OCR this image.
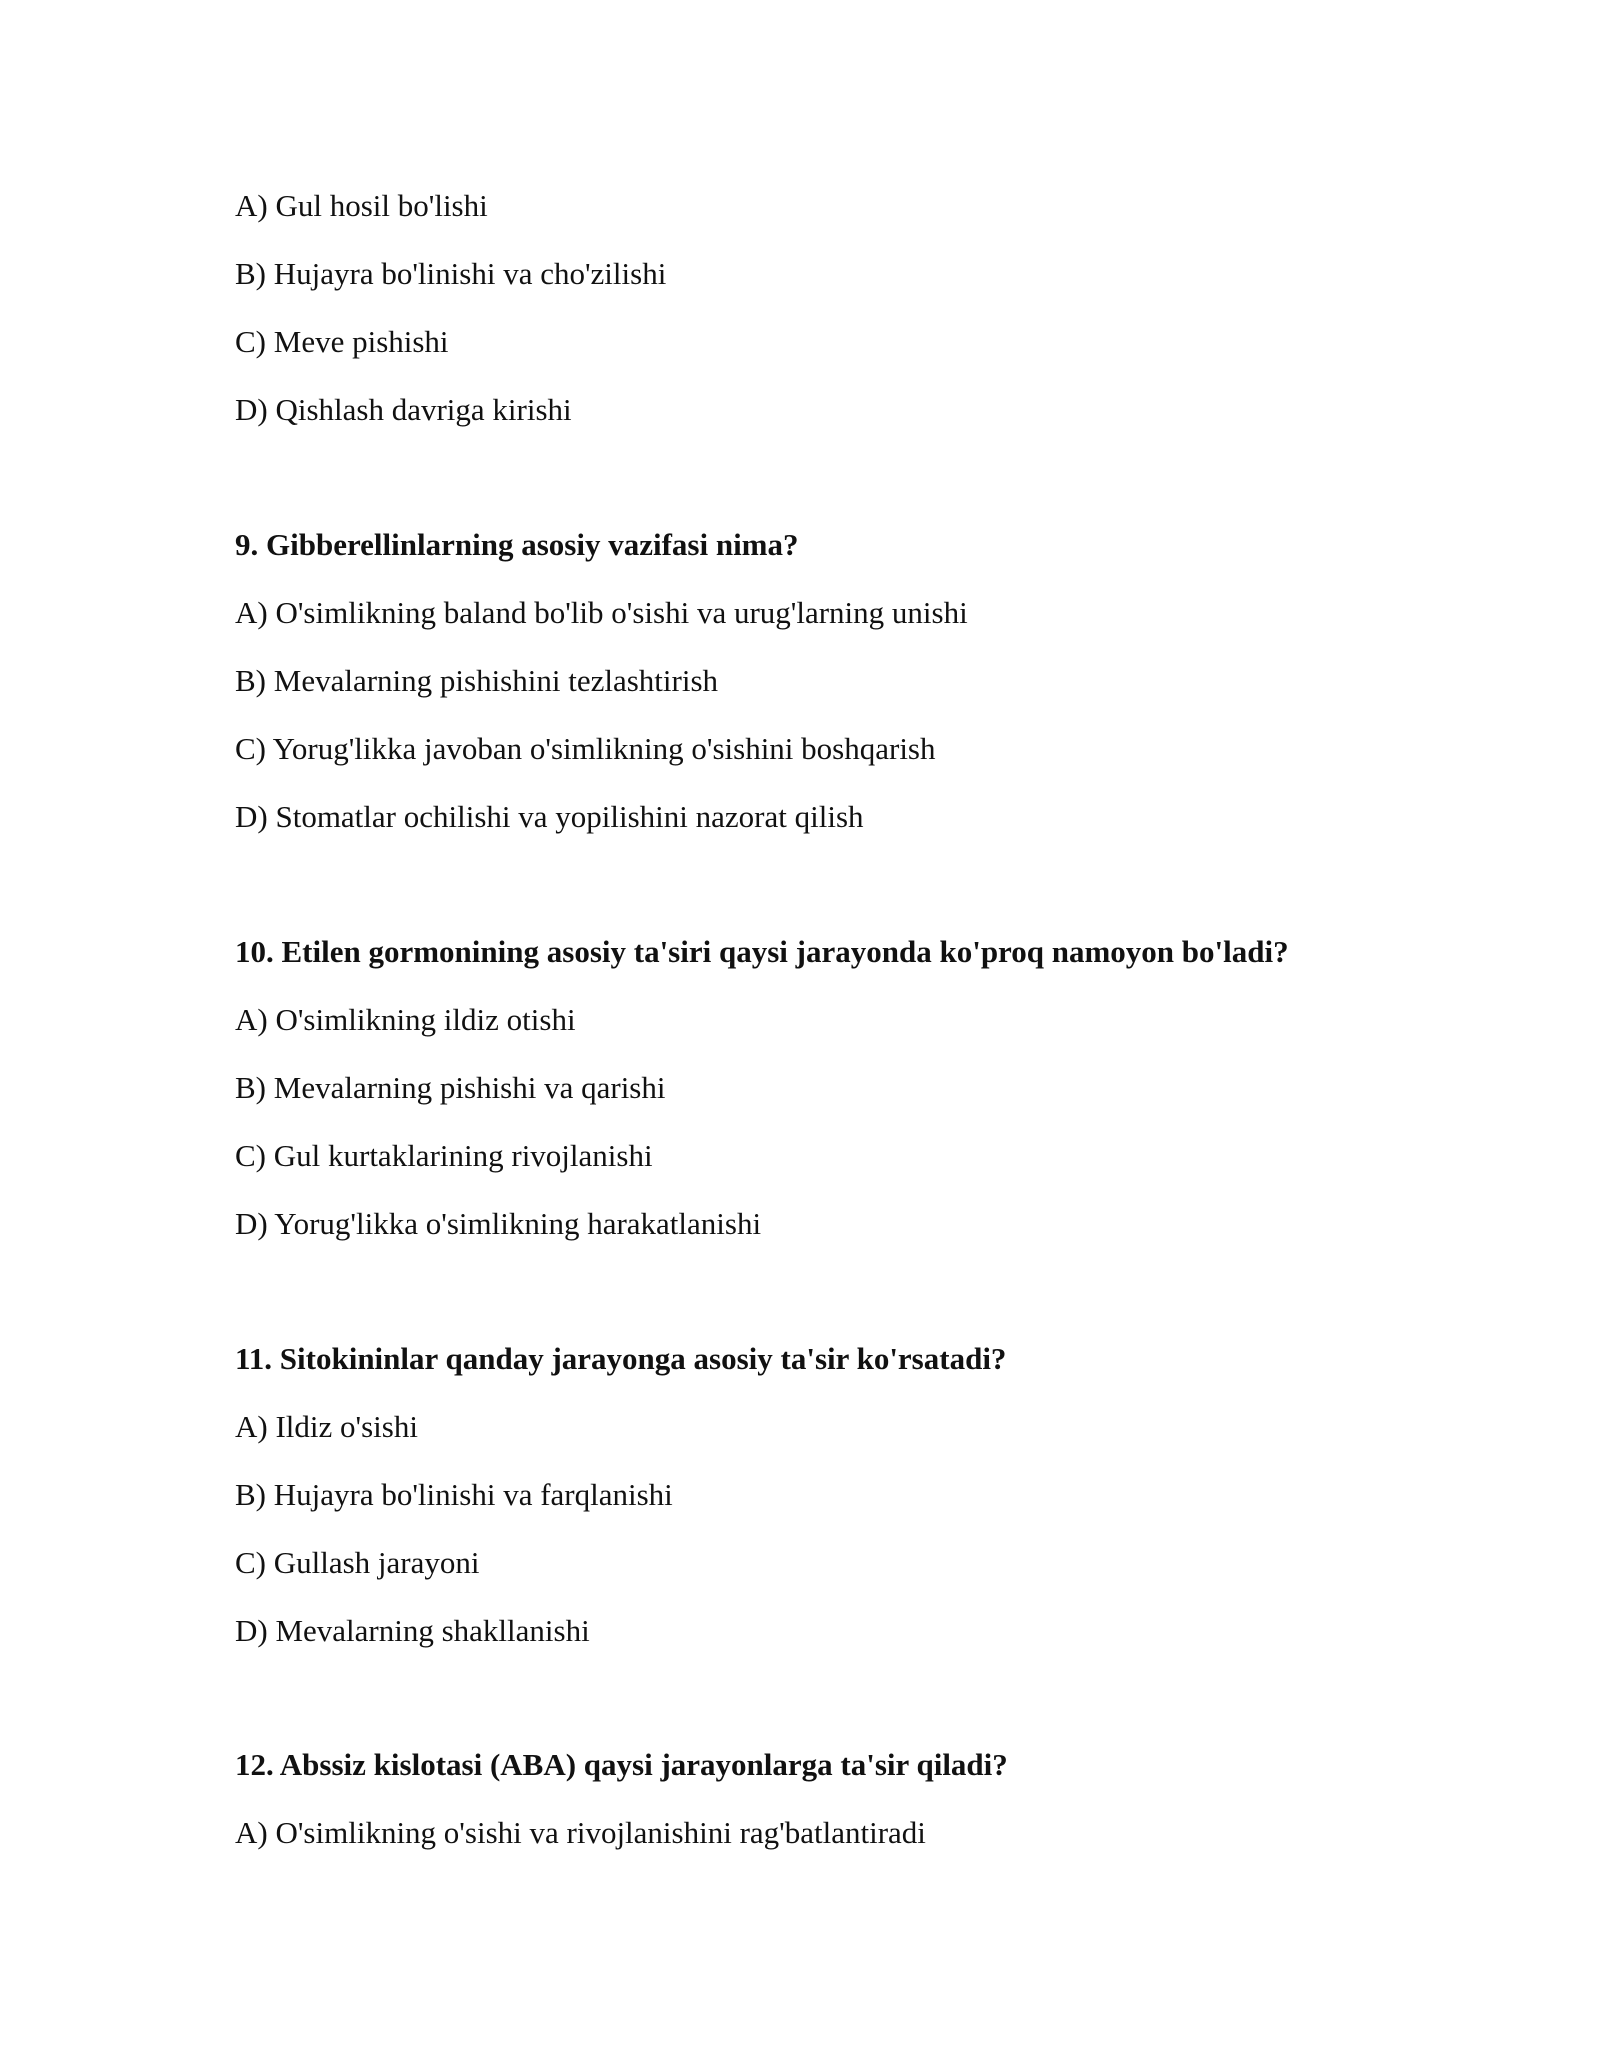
A) Gul hosil bo'lishi
B) Hujayra bo'linishi va cho'zilishi
C) Meve pishishi
D) Qishlash davriga kirishi
9. Gibberellinlarning asosiy vazifasi nima?
A) O'simlikning baland bo'lib o'sishi va urug'larning unishi
B) Mevalarning pishishini tezlashtirish
C) Yorug'likka javoban o'simlikning o'sishini boshqarish
D) Stomatlar ochilishi va yopilishini nazorat qilish
10. Etilen gormonining asosiy ta'siri qaysi jarayonda ko'proq namoyon bo'ladi?
A) O'simlikning ildiz otishi
B) Mevalarning pishishi va qarishi
C) Gul kurtaklarining rivojlanishi
D) Yorug'likka o'simlikning harakatlanishi
11. Sitokininlar qanday jarayonga asosiy ta'sir ko'rsatadi?
A) Ildiz o'sishi
B) Hujayra bo'linishi va farqlanishi
C) Gullash jarayoni
D) Mevalarning shakllanishi
12. Abssiz kislotasi (ABA) qaysi jarayonlarga ta'sir qiladi?
A) O'simlikning o'sishi va rivojlanishini rag'batlantiradi
